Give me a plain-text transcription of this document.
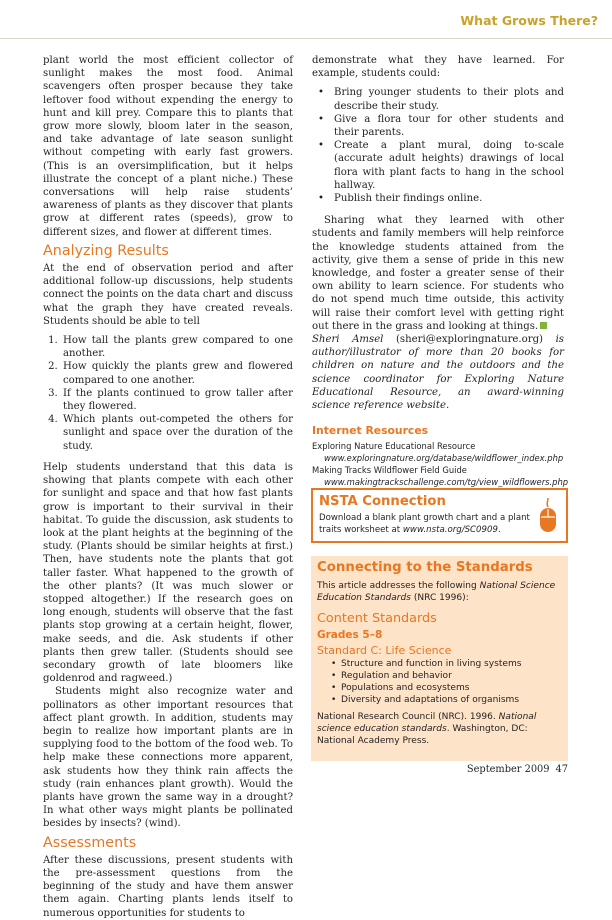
What Grows There?

plant world the most efficient collector of sunlight makes the most food. Animal scavengers often prosper because they take leftover food without expending the energy to hunt and kill prey. Compare this to plants that grow more slowly, bloom later in the season, and take advantage of late season sunlight without competing with early fast growers. (This is an oversimplification, but it helps illustrate the concept of a plant niche.) These conversations will help raise students’ awareness of plants as they discover that plants grow at different rates (speeds), grow to different sizes, and flower at different times.

Analyzing Results

At the end of observation period and after additional follow-up discussions, help students connect the points on the data chart and discuss what the graph they have created reveals. Students should be able to tell

1. How tall the plants grew compared to one another.
2. How quickly the plants grew and flowered compared to one another.
3. If the plants continued to grow taller after they flowered.
4. Which plants out-competed the others for sunlight and space over the duration of the study.

Help students understand that this data is showing that plants compete with each other for sunlight and space and that how fast plants grow is important to their survival in their habitat. To guide the discussion, ask students to look at the plant heights at the beginning of the study. (Plants should be similar heights at first.) Then, have students note the plants that got taller faster. What happened to the growth of the other plants? (It was much slower or stopped altogether.) If the research goes on long enough, students will observe that the fast plants stop growing at a certain height, flower, make seeds, and die. Ask students if other plants then grew taller. (Students should see secondary growth of late bloomers like goldenrod and ragweed.)

Students might also recognize water and pollinators as other important resources that affect plant growth. In addition, students may begin to realize how important plants are in supplying food to the bottom of the food web. To help make these connections more apparent, ask students how they think rain affects the study (rain enhances plant growth). Would the plants have grown the same way in a drought? In what other ways might plants be pollinated besides by insects? (wind).

Assessments

After these discussions, present students with the pre-assessment questions from the beginning of the study and have them answer them again. Charting plants lends itself to numerous opportunities for students to

demonstrate what they have learned. For example, students could:

• Bring younger students to their plots and describe their study.
• Give a flora tour for other students and their parents.
• Create a plant mural, doing to-scale (accurate adult heights) drawings of local flora with plant facts to hang in the school hallway.
• Publish their findings online.

Sharing what they learned with other students and family members will help reinforce the knowledge students attained from the activity, give them a sense of pride in this new knowledge, and foster a greater sense of their own ability to learn science. For students who do not spend much time outside, this activity will raise their comfort level with getting right out there in the grass and looking at things.

Sheri Amsel (sheri@exploringnature.org) is author/illustrator of more than 20 books for children on nature and the outdoors and the science coordinator for Exploring Nature Educational Resource, an award-winning science reference website.

Internet Resources
Exploring Nature Educational Resource
www.exploringnature.org/database/wildflower_index.php
Making Tracks Wildflower Field Guide
www.makingtrackschallenge.com/tg/view_wildflowers.php
NSTA Connection
Download a blank plant growth chart and a plant traits worksheet at www.nsta.org/SC0909.
Connecting to the Standards
This article addresses the following National Science Education Standards (NRC 1996):
Content Standards
Grades 5–8
Standard C: Life Science
• Structure and function in living systems
• Regulation and behavior
• Populations and ecosystems
• Diversity and adaptations of organisms
National Research Council (NRC). 1996. National science education standards. Washington, DC: National Academy Press.
September 2009 47
